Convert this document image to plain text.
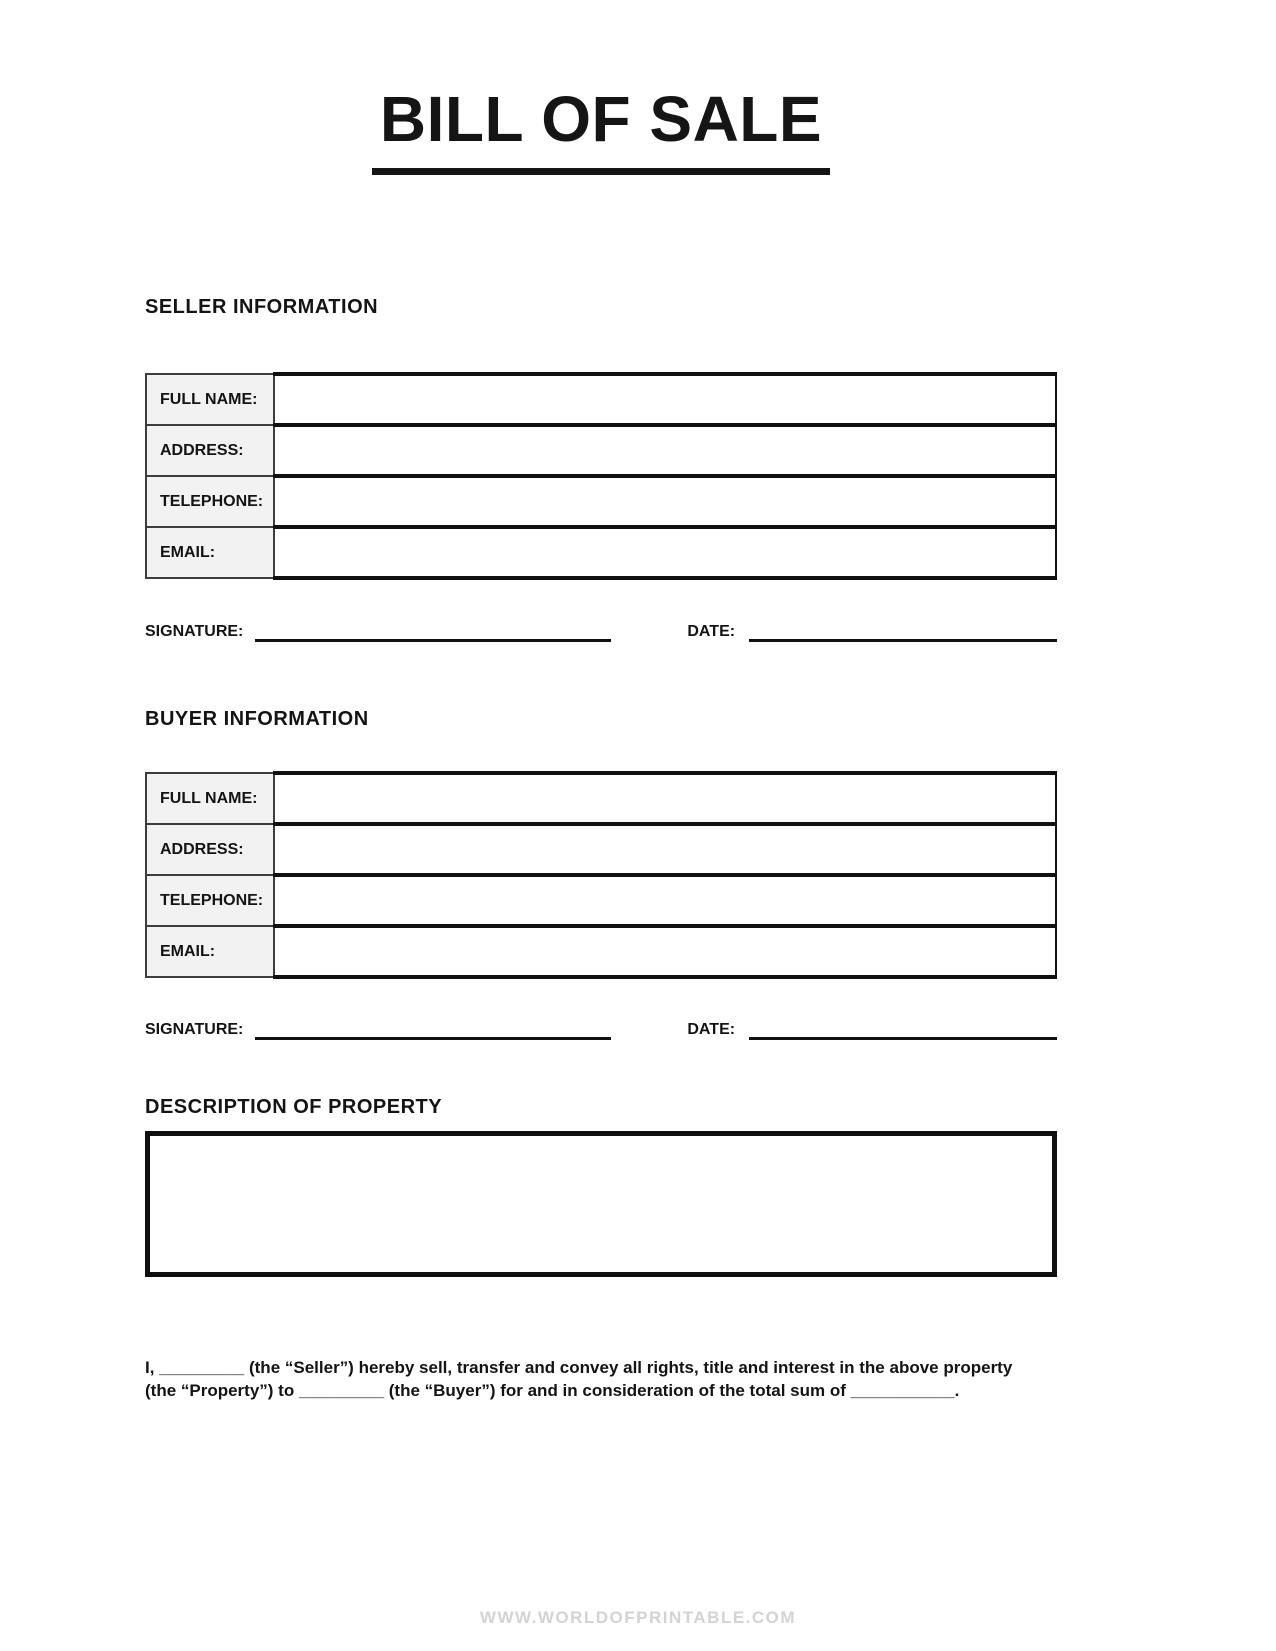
BILL OF SALE
SELLER INFORMATION
FULL NAME:	
ADDRESS:	
TELEPHONE:	
EMAIL:	
SIGNATURE:	DATE:
BUYER INFORMATION
FULL NAME:	
ADDRESS:	
TELEPHONE:	
EMAIL:	
SIGNATURE:	DATE:
DESCRIPTION OF PROPERTY

I, _________ (the “Seller”) hereby sell, transfer and convey all rights, title and interest in the above property (the “Property”) to _________ (the “Buyer”) for and in consideration of the total sum of ___________.

WWW.WORLDOFPRINTABLE.COM
